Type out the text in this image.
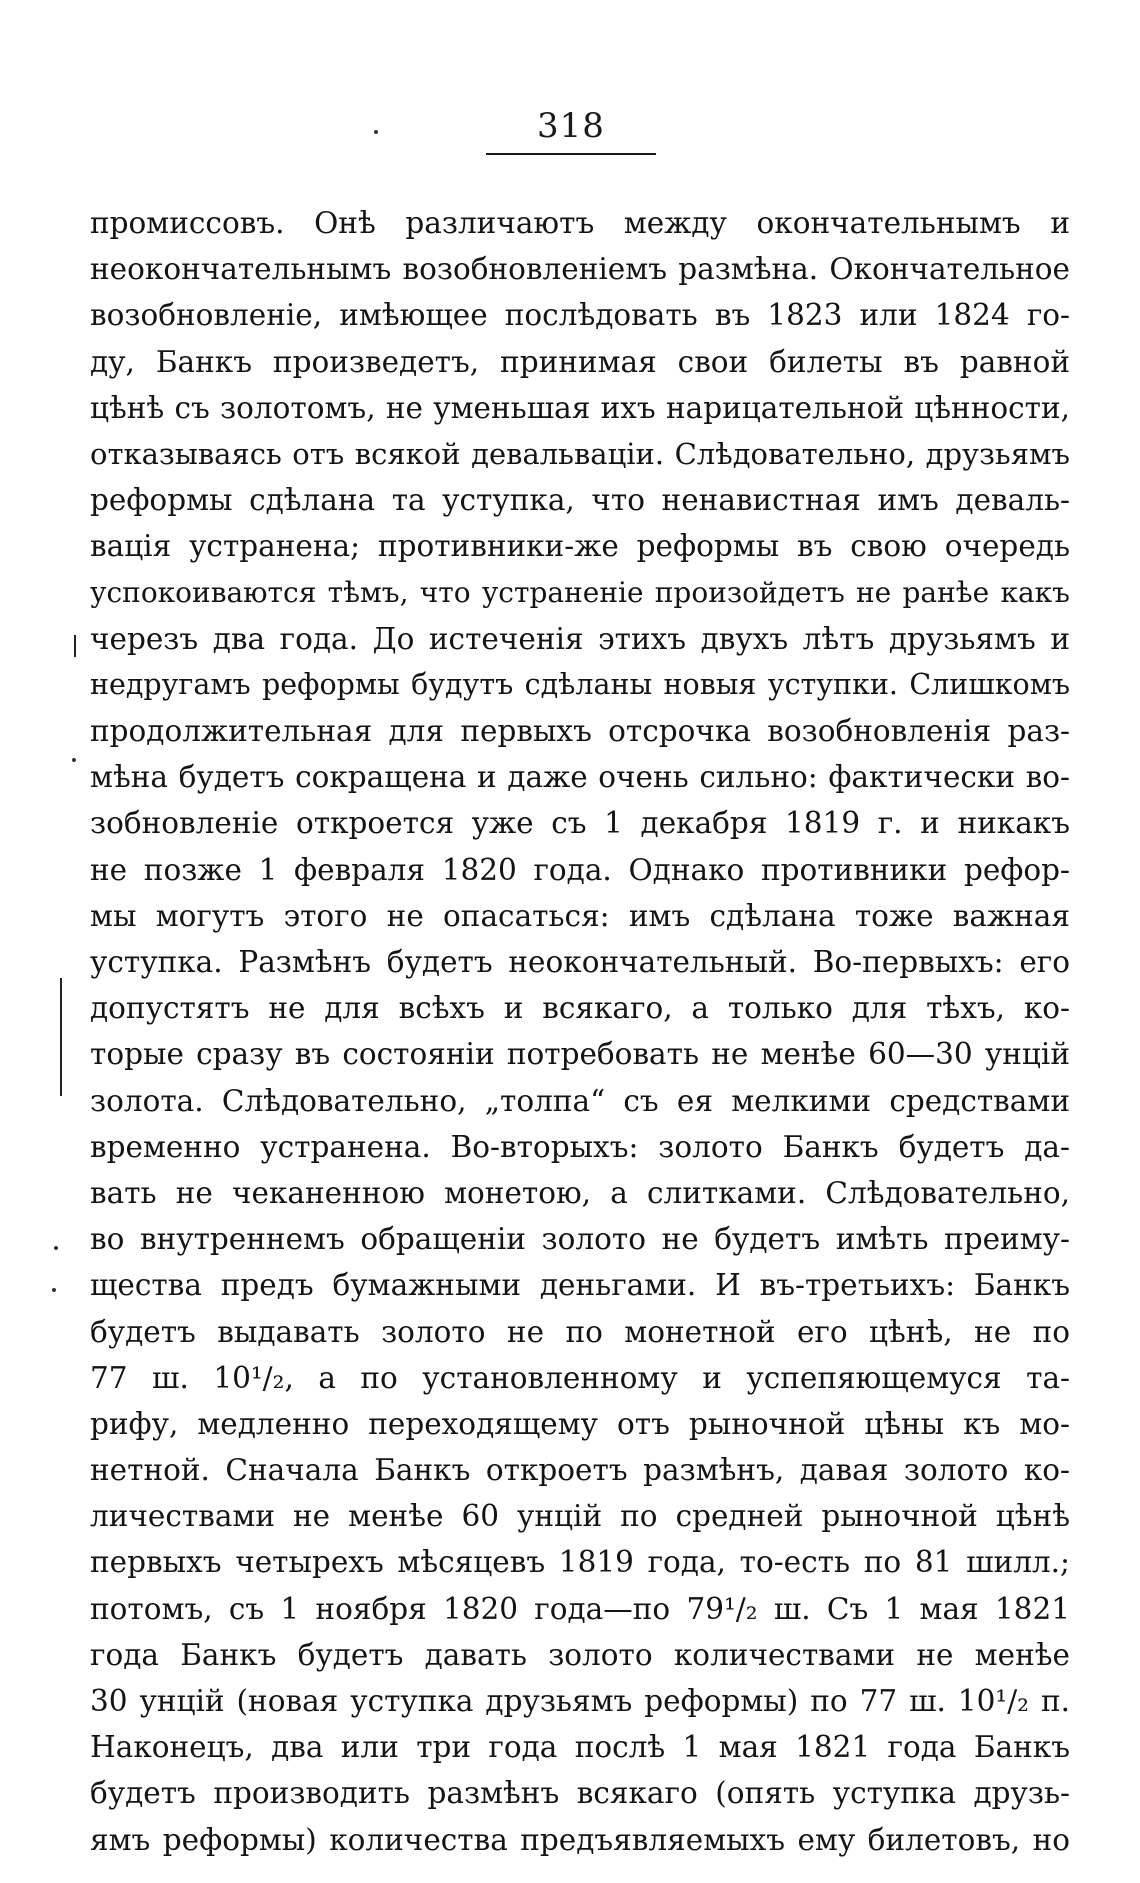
318
промиссовъ. Онѣ различаютъ между окончательнымъ и
неокончательнымъ возобновленіемъ размѣна. Окончательное
возобновленіе, имѣющее послѣдовать въ 1823 или 1824 го-
ду, Банкъ произведетъ, принимая свои билеты въ равной
цѣнѣ съ золотомъ, не уменьшая ихъ нарицательной цѣнности,
отказываясь отъ всякой девальваціи. Слѣдовательно, друзьямъ
реформы сдѣлана та уступка, что ненавистная имъ деваль-
вація устранена; противники-же реформы въ свою очередь
успокоиваются тѣмъ, что устраненіе произойдетъ не ранѣе какъ
черезъ два года. До истеченія этихъ двухъ лѣтъ друзьямъ и
недругамъ реформы будутъ сдѣланы новыя уступки. Слишкомъ
продолжительная для первыхъ отсрочка возобновленія раз-
мѣна будетъ сокращена и даже очень сильно: фактически во-
зобновленіе откроется уже съ 1 декабря 1819 г. и никакъ
не позже 1 февраля 1820 года. Однако противники рефор-
мы могутъ этого не опасаться: имъ сдѣлана тоже важная
уступка. Размѣнъ будетъ неокончательный. Во-первыхъ: его
допустятъ не для всѣхъ и всякаго, а только для тѣхъ, ко-
торые сразу въ состояніи потребовать не менѣе 60—30 унцій
золота. Слѣдовательно, „толпа“ съ ея мелкими средствами
временно устранена. Во-вторыхъ: золото Банкъ будетъ да-
вать не чеканенною монетою, а слитками. Слѣдовательно,
во внутреннемъ обращеніи золото не будетъ имѣть преиму-
щества предъ бумажными деньгами. И въ-третьихъ: Банкъ
будетъ выдавать золото не по монетной его цѣнѣ, не по
77 ш. 10¹/₂, а по установленному и успепяющемуся та-
рифу, медленно переходящему отъ рыночной цѣны къ мо-
нетной. Сначала Банкъ откроетъ размѣнъ, давая золото ко-
личествами не менѣе 60 унцій по средней рыночной цѣнѣ
первыхъ четырехъ мѣсяцевъ 1819 года, то-есть по 81 шилл.;
потомъ, съ 1 ноября 1820 года—по 79¹/₂ ш. Съ 1 мая 1821
года Банкъ будетъ давать золото количествами не менѣе
30 унцій (новая уступка друзьямъ реформы) по 77 ш. 10¹/₂ п.
Наконецъ, два или три года послѣ 1 мая 1821 года Банкъ
будетъ производить размѣнъ всякаго (опять уступка друзь-
ямъ реформы) количества предъявляемыхъ ему билетовъ, но
